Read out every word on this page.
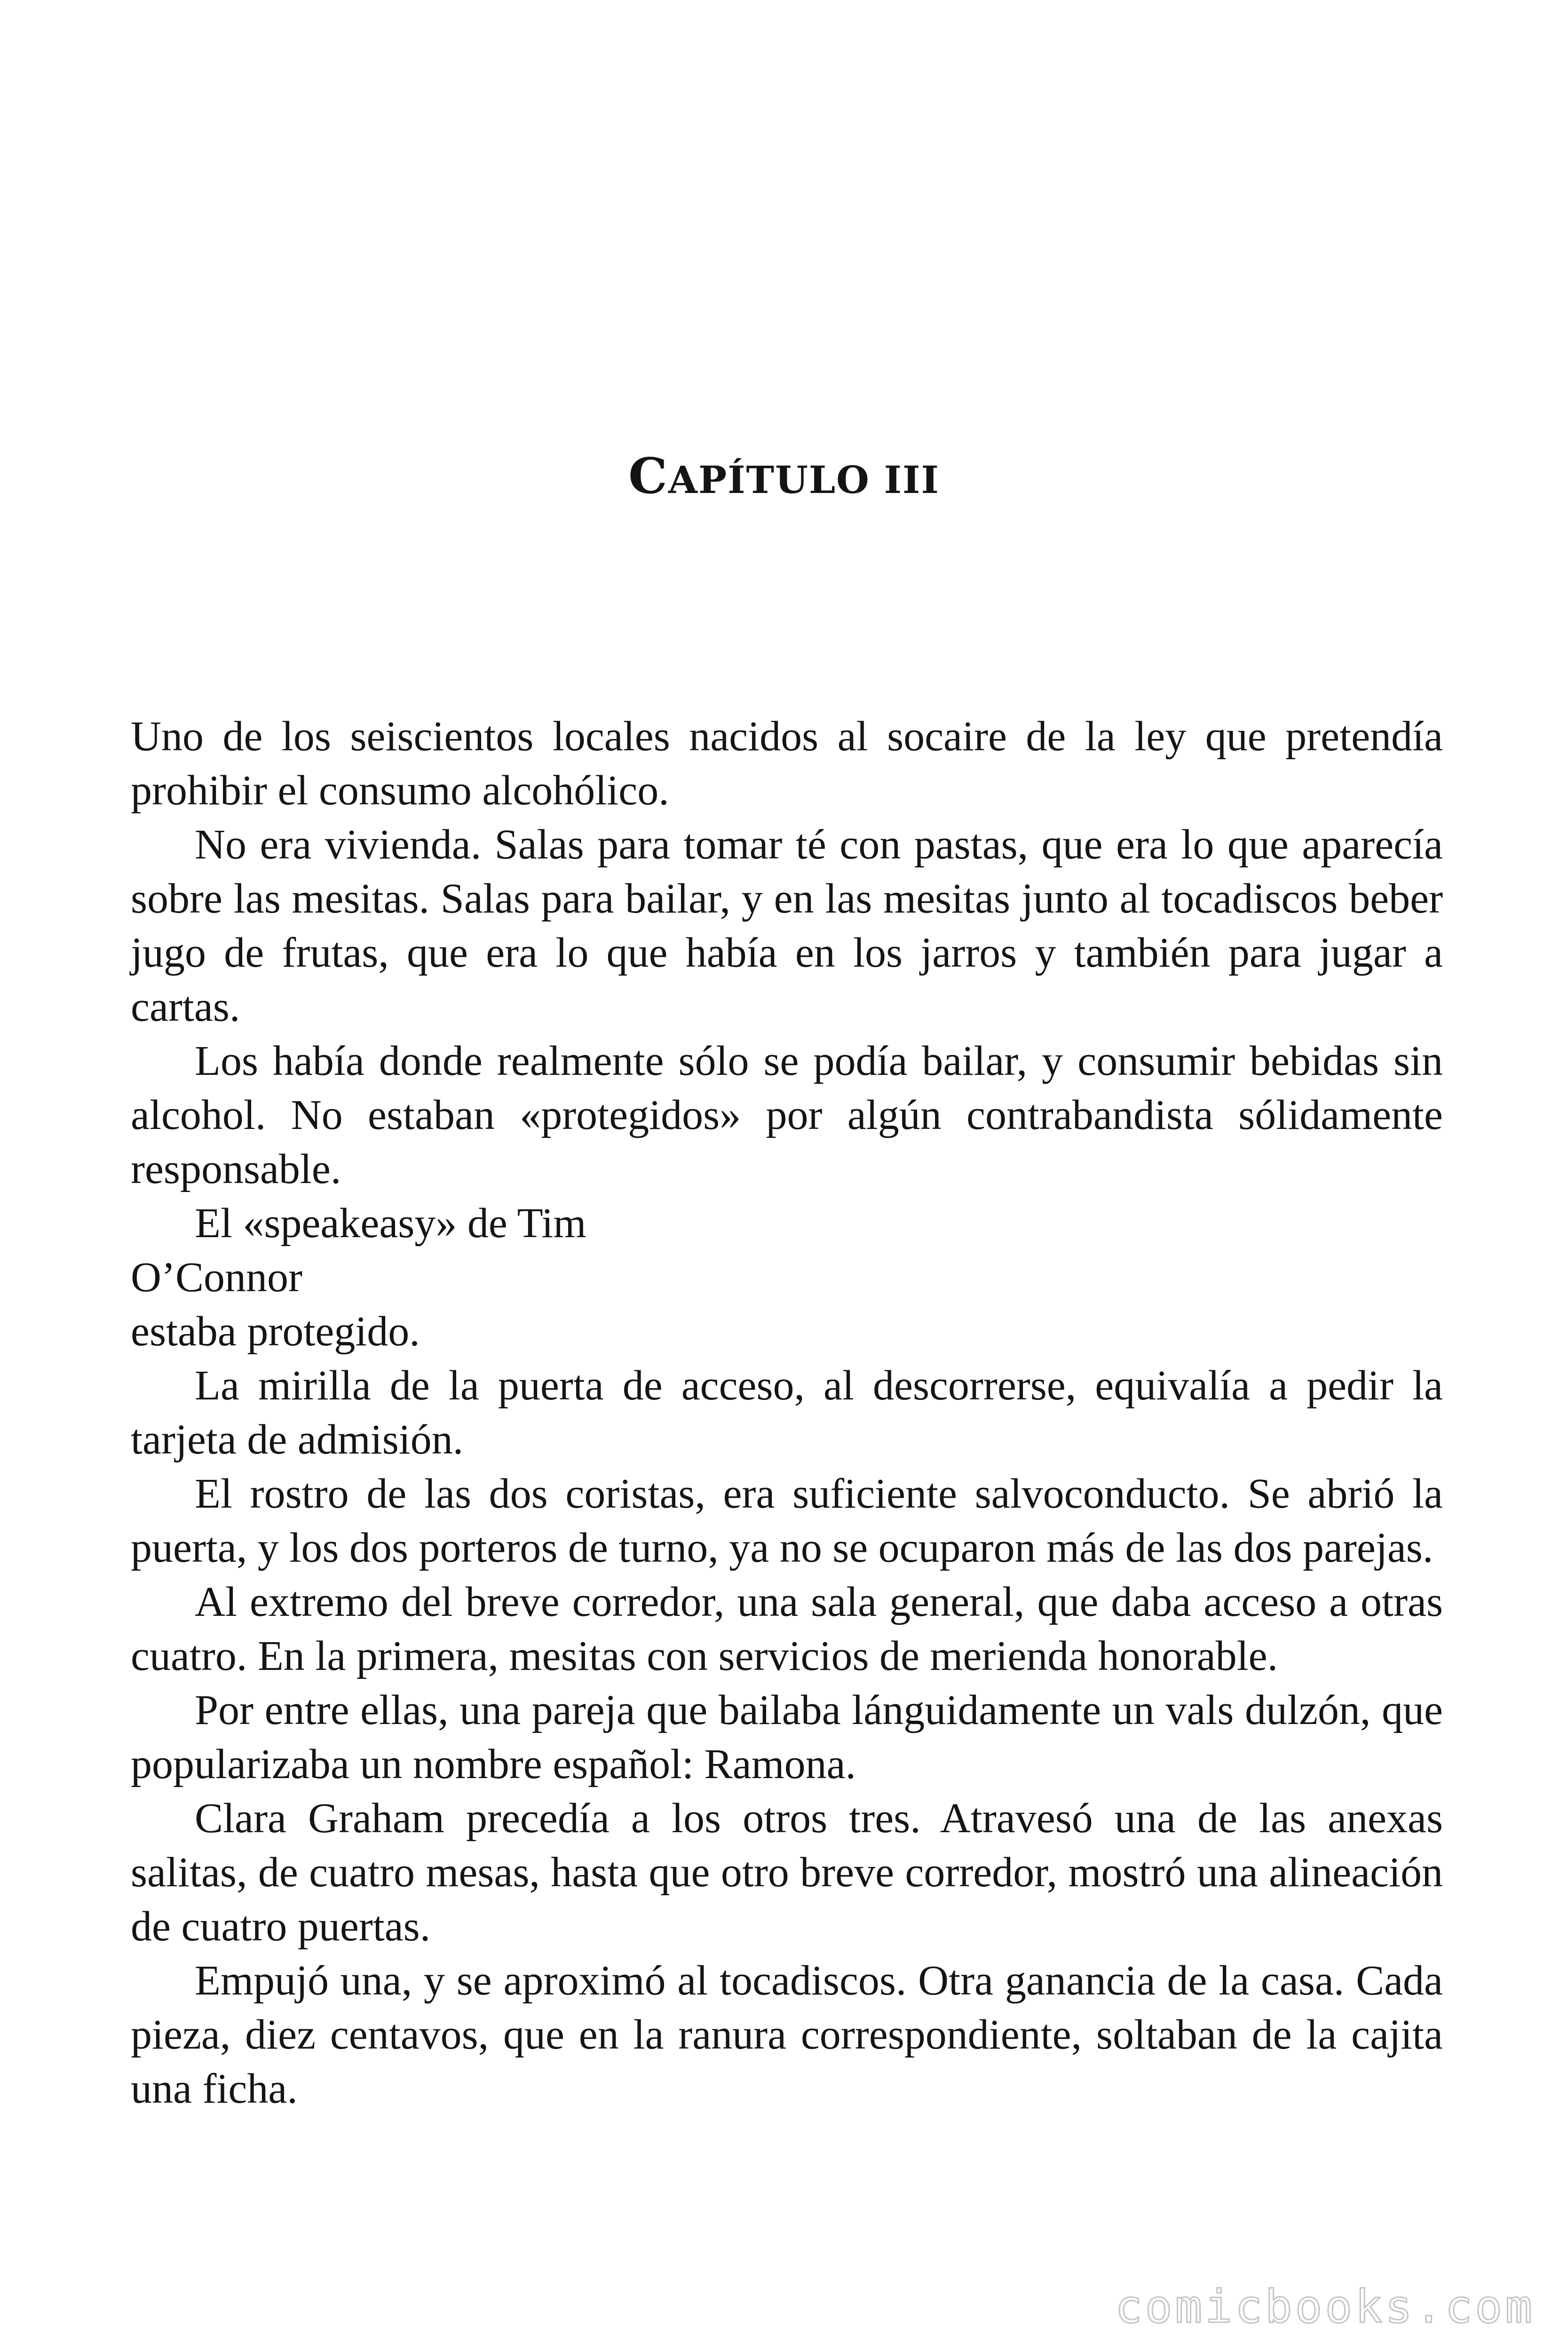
CAPÍTULO III

Uno de los seiscientos locales nacidos al socaire de la ley que pretendía prohibir el consumo alcohólico.

No era vivienda. Salas para tomar té con pastas, que era lo que aparecía sobre las mesitas. Salas para bailar, y en las mesitas junto al tocadiscos beber jugo de frutas, que era lo que había en los jarros y también para jugar a cartas.

Los había donde realmente sólo se podía bailar, y consumir bebidas sin alcohol. No estaban «protegidos» por algún contrabandista sólidamente responsable.

El «speakeasy» de Tim

O’Connor

estaba protegido.

La mirilla de la puerta de acceso, al descorrerse, equivalía a pedir la tarjeta de admisión.

El rostro de las dos coristas, era suficiente salvoconducto. Se abrió la puerta, y los dos porteros de turno, ya no se ocuparon más de las dos parejas.

Al extremo del breve corredor, una sala general, que daba acceso a otras cuatro. En la primera, mesitas con servicios de merienda honorable.

Por entre ellas, una pareja que bailaba lánguidamente un vals dulzón, que popularizaba un nombre español: Ramona.

Clara Graham precedía a los otros tres. Atravesó una de las anexas salitas, de cuatro mesas, hasta que otro breve corredor, mostró una alineación de cuatro puertas.

Empujó una, y se aproximó al tocadiscos. Otra ganancia de la casa. Cada pieza, diez centavos, que en la ranura correspondiente, soltaban de la cajita una ficha.

comicbooks.com
